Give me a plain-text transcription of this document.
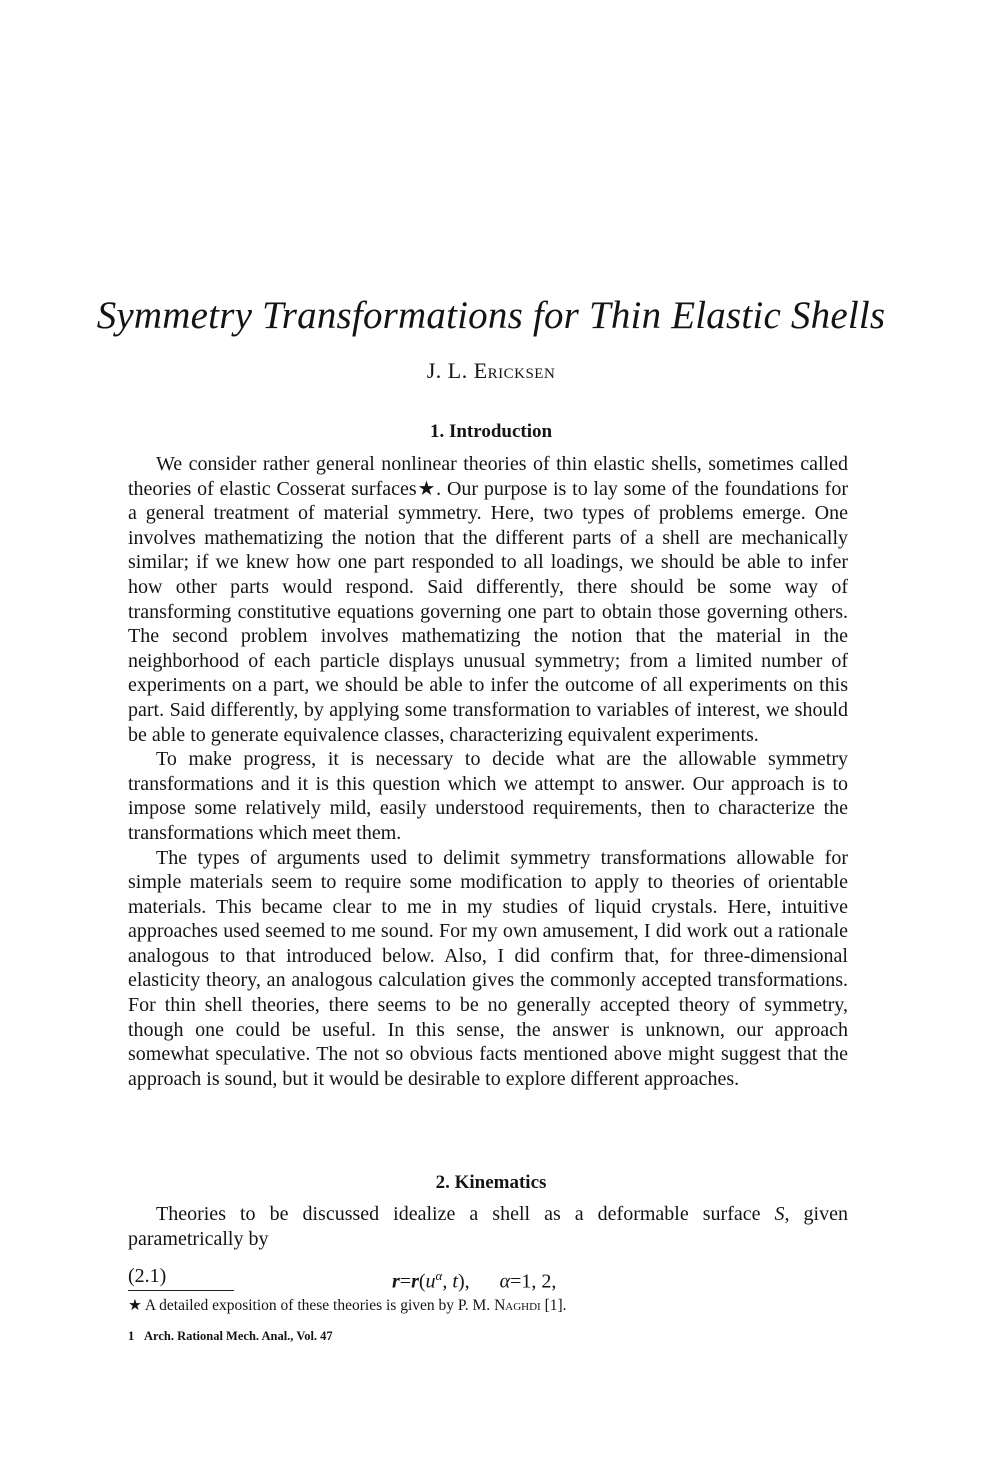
Symmetry Transformations for Thin Elastic Shells
J. L. Ericksen
1. Introduction

We consider rather general nonlinear theories of thin elastic shells, sometimes called theories of elastic Cosserat surfaces★. Our purpose is to lay some of the foundations for a general treatment of material symmetry. Here, two types of problems emerge. One involves mathematizing the notion that the different parts of a shell are mechanically similar; if we knew how one part responded to all loadings, we should be able to infer how other parts would respond. Said differently, there should be some way of transforming constitutive equations governing one part to obtain those governing others. The second problem involves mathematizing the notion that the material in the neighborhood of each particle displays unusual symmetry; from a limited number of experiments on a part, we should be able to infer the outcome of all experiments on this part. Said differently, by applying some transformation to variables of interest, we should be able to generate equivalence classes, characterizing equivalent experiments.

To make progress, it is necessary to decide what are the allowable symmetry transformations and it is this question which we attempt to answer. Our approach is to impose some relatively mild, easily understood requirements, then to characterize the transformations which meet them.

The types of arguments used to delimit symmetry transformations allowable for simple materials seem to require some modification to apply to theories of orientable materials. This became clear to me in my studies of liquid crystals. Here, intuitive approaches used seemed to me sound. For my own amusement, I did work out a rationale analogous to that introduced below. Also, I did confirm that, for three-dimensional elasticity theory, an analogous calculation gives the commonly accepted transformations. For thin shell theories, there seems to be no generally accepted theory of symmetry, though one could be useful. In this sense, the answer is unknown, our approach somewhat speculative. The not so obvious facts mentioned above might suggest that the approach is sound, but it would be desirable to explore different approaches.

2. Kinematics

Theories to be discussed idealize a shell as a deformable surface S, given parametrically by

(2.1)	$r=r(u^\alpha$, t), α=1, 2,
★ A detailed exposition of these theories is given by P. M. Naghdi [1].
1 Arch. Rational Mech. Anal., Vol. 47
